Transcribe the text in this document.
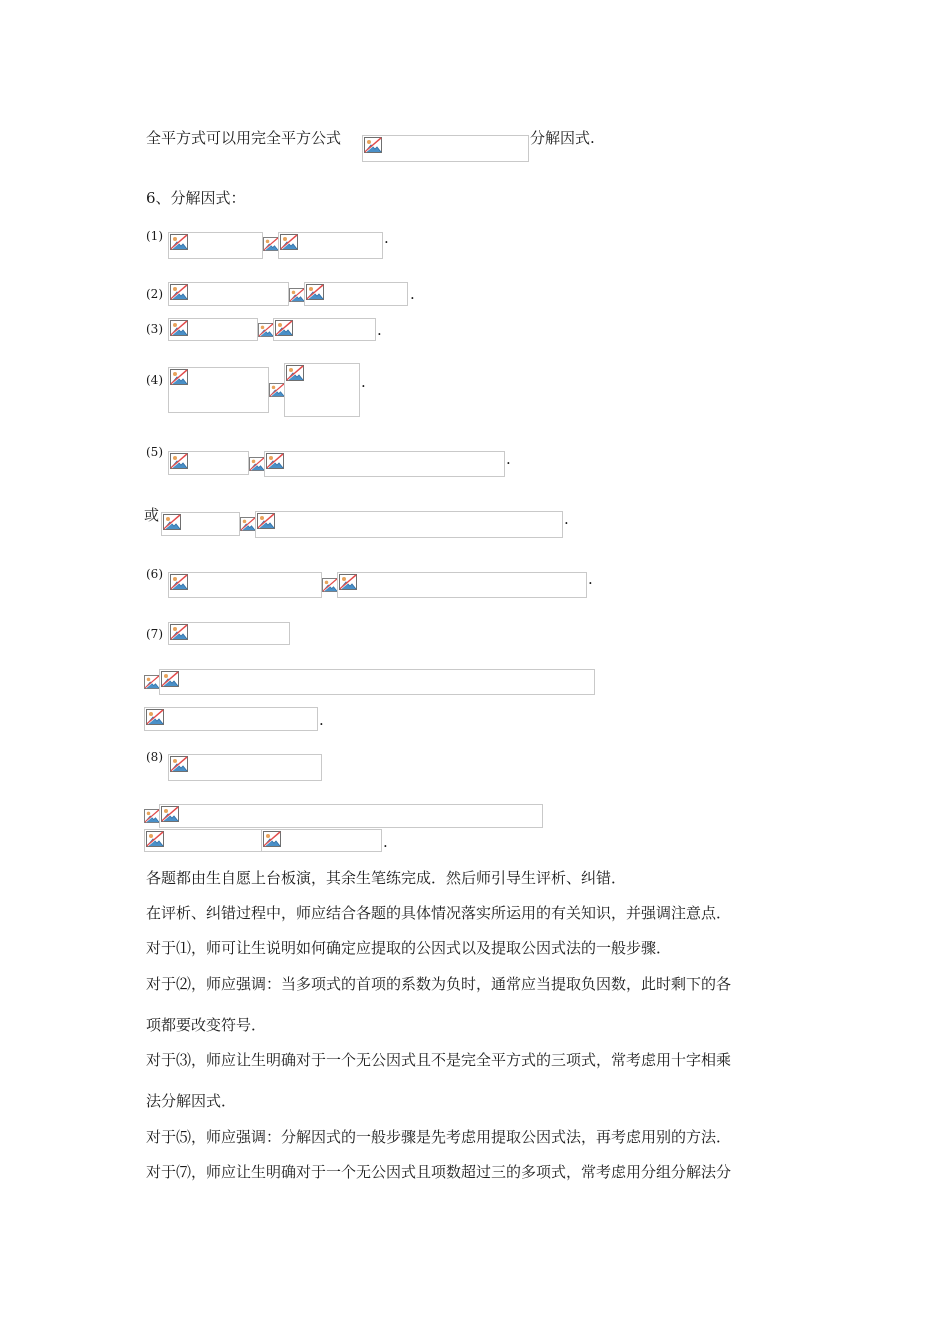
全平方式可以用完全平方公式	分解因式.
6、分解因式：
(1)	.
(2)	.
(3)	.
(4)	.
(5)	.
或	.
(6)	.
(7)
.
(8)
.
各题都由生自愿上台板演，其余生笔练完成．然后师引导生评析、纠错．
在评析、纠错过程中，师应结合各题的具体情况落实所运用的有关知识，并强调注意点．
对于⑴，师可让生说明如何确定应提取的公因式以及提取公因式法的一般步骤．
对于⑵，师应强调：当多项式的首项的系数为负时，通常应当提取负因数，此时剩下的各
项都要改变符号．
对于⑶，师应让生明确对于一个无公因式且不是完全平方式的三项式，常考虑用十字相乘
法分解因式．
对于⑸，师应强调：分解因式的一般步骤是先考虑用提取公因式法，再考虑用别的方法．
对于⑺，师应让生明确对于一个无公因式且项数超过三的多项式，常考虑用分组分解法分
